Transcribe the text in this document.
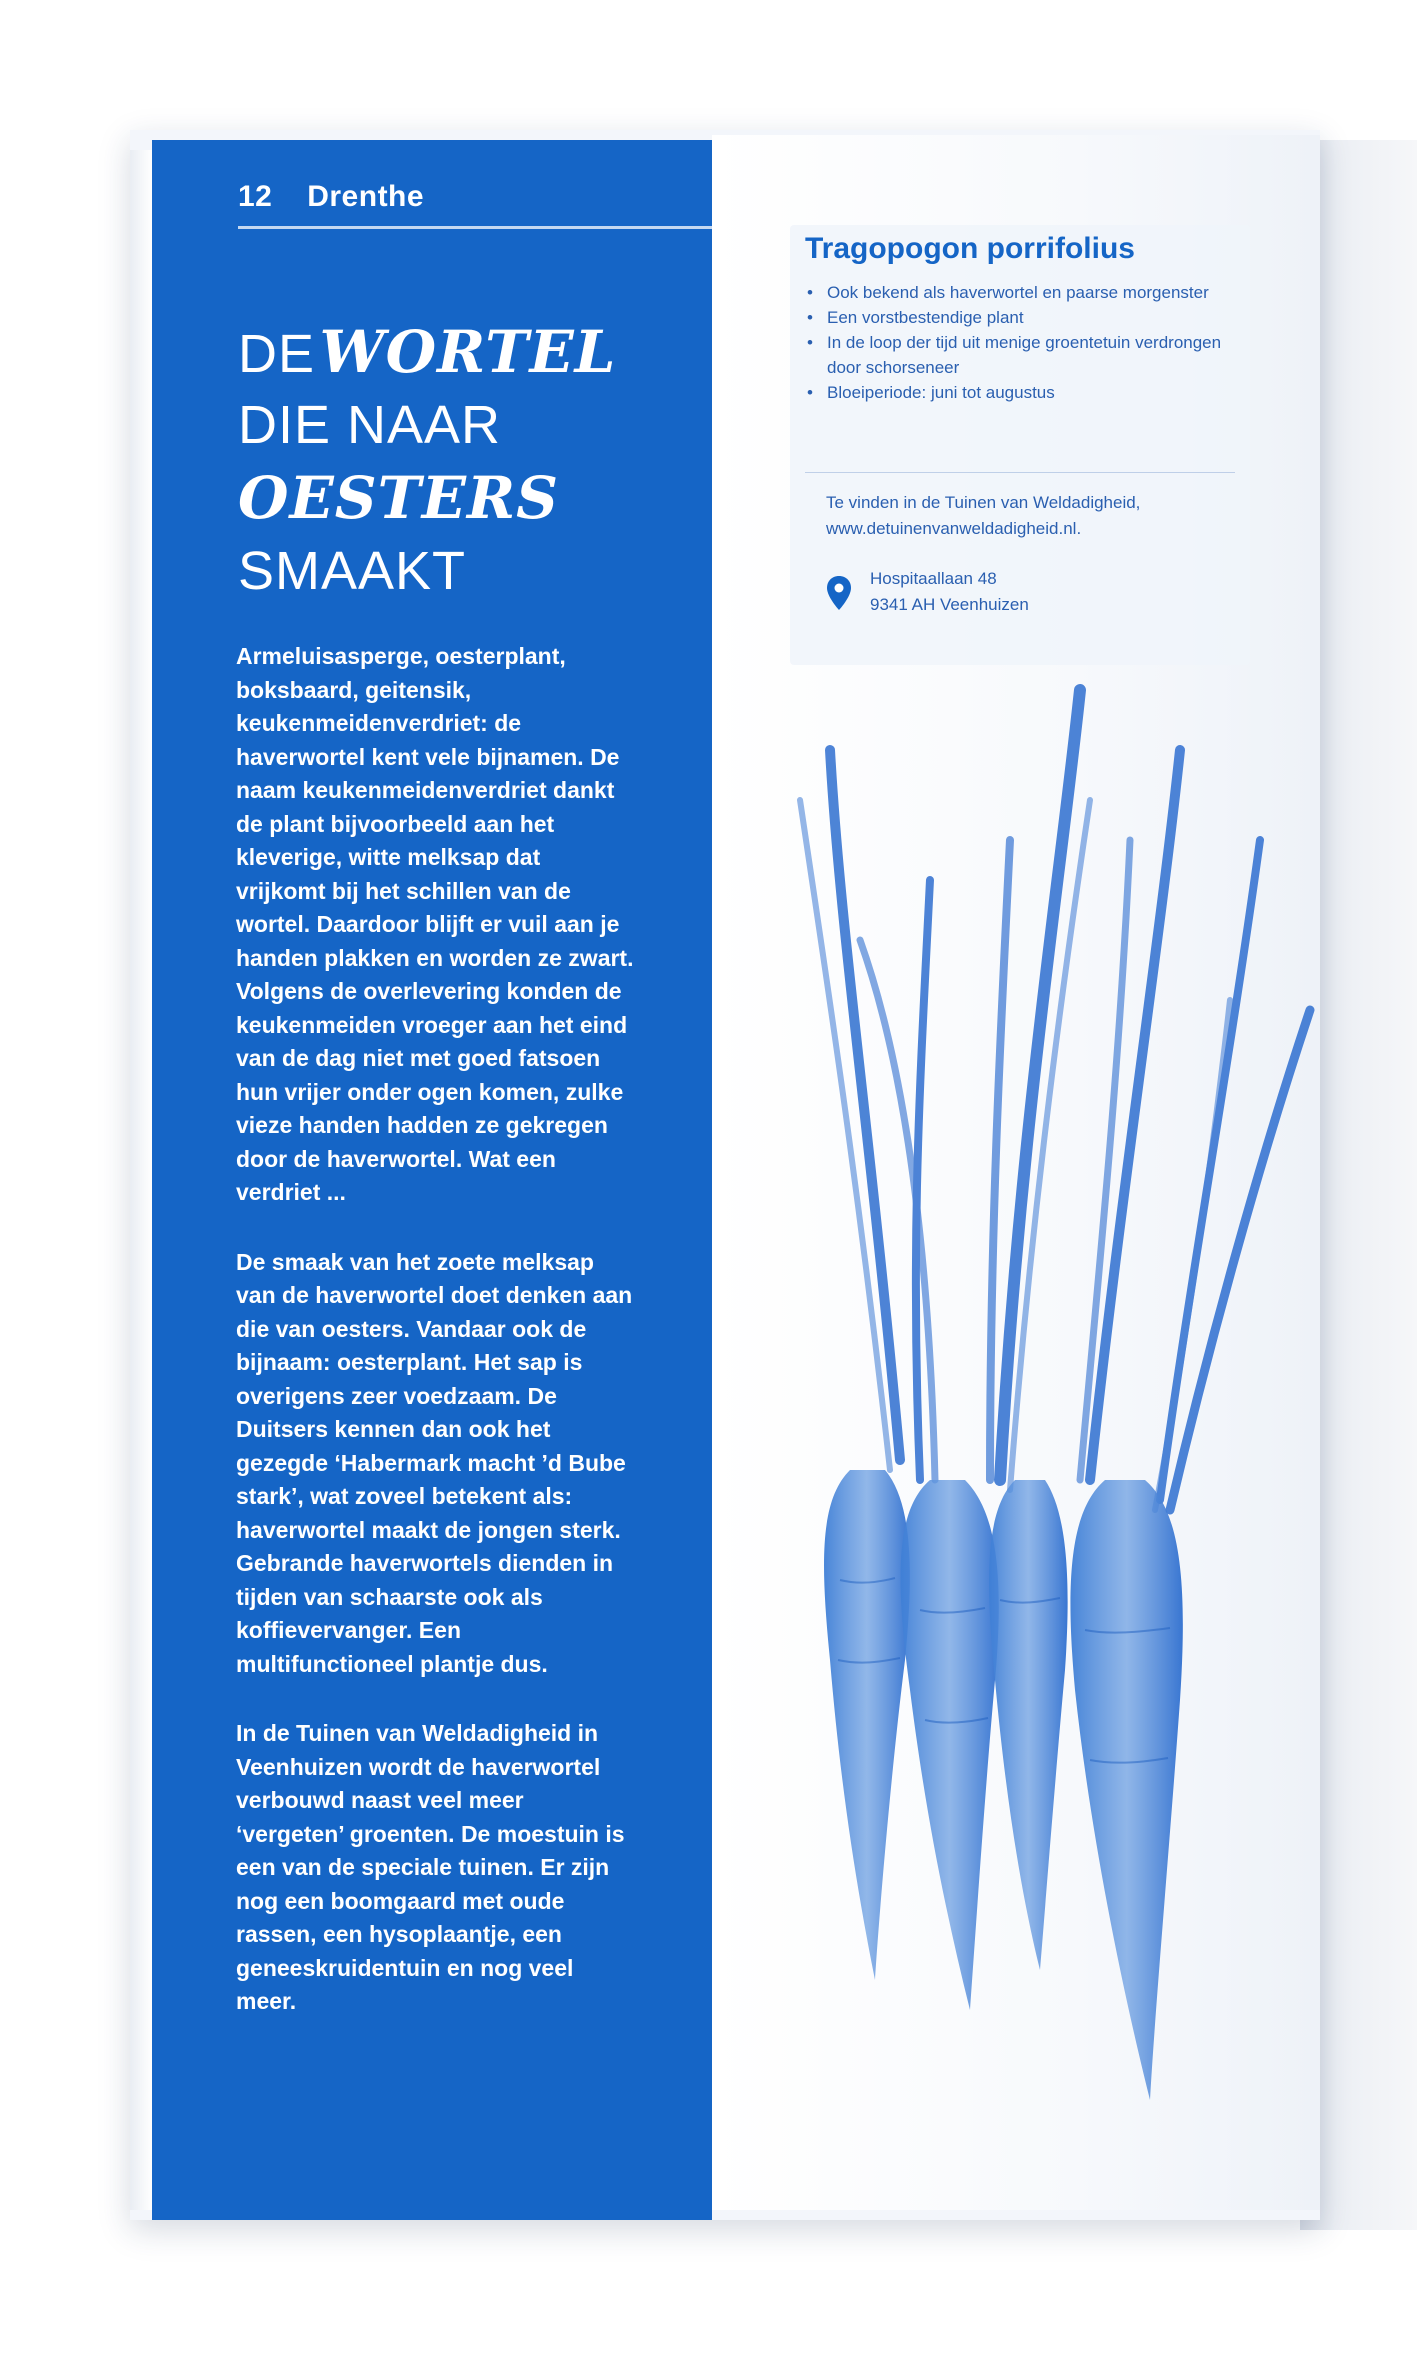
12 Drenthe
DE WORTEL
DIE NAAR
OESTERS
SMAAKT

Armeluisasperge, oesterplant, boksbaard, geitensik, keukenmeidenverdriet: de haverwortel kent vele bijnamen. De naam keukenmeidenverdriet dankt de plant bijvoorbeeld aan het kleverige, witte melksap dat vrijkomt bij het schillen van de wortel. Daardoor blijft er vuil aan je handen plakken en worden ze zwart. Volgens de overlevering konden de keukenmeiden vroeger aan het eind van de dag niet met goed fatsoen hun vrijer onder ogen komen, zulke vieze handen hadden ze gekregen door de haverwortel. Wat een verdriet ...

De smaak van het zoete melksap van de haverwortel doet denken aan die van oesters. Vandaar ook de bijnaam: oesterplant. Het sap is overigens zeer voedzaam. De Duitsers kennen dan ook het gezegde ‘Habermark macht ’d Bube stark’, wat zoveel betekent als: haverwortel maakt de jongen sterk. Gebrande haverwortels dienden in tijden van schaarste ook als koffievervanger. Een multifunctioneel plantje dus.

In de Tuinen van Weldadigheid in Veenhuizen wordt de haverwortel verbouwd naast veel meer ‘vergeten’ groenten. De moestuin is een van de speciale tuinen. Er zijn nog een boomgaard met oude rassen, een hysoplaantje, een geneeskruidentuin en nog veel meer.

Tragopogon porrifolius
• Ook bekend als haverwortel en paarse morgenster
• Een vorstbestendige plant
• In de loop der tijd uit menige groentetuin verdrongen door schorseneer
• Bloeiperiode: juni tot augustus
Te vinden in de Tuinen van Weldadigheid, www.detuinenvanweldadigheid.nl.
Hospitaallaan 48
9341 AH Veenhuizen
